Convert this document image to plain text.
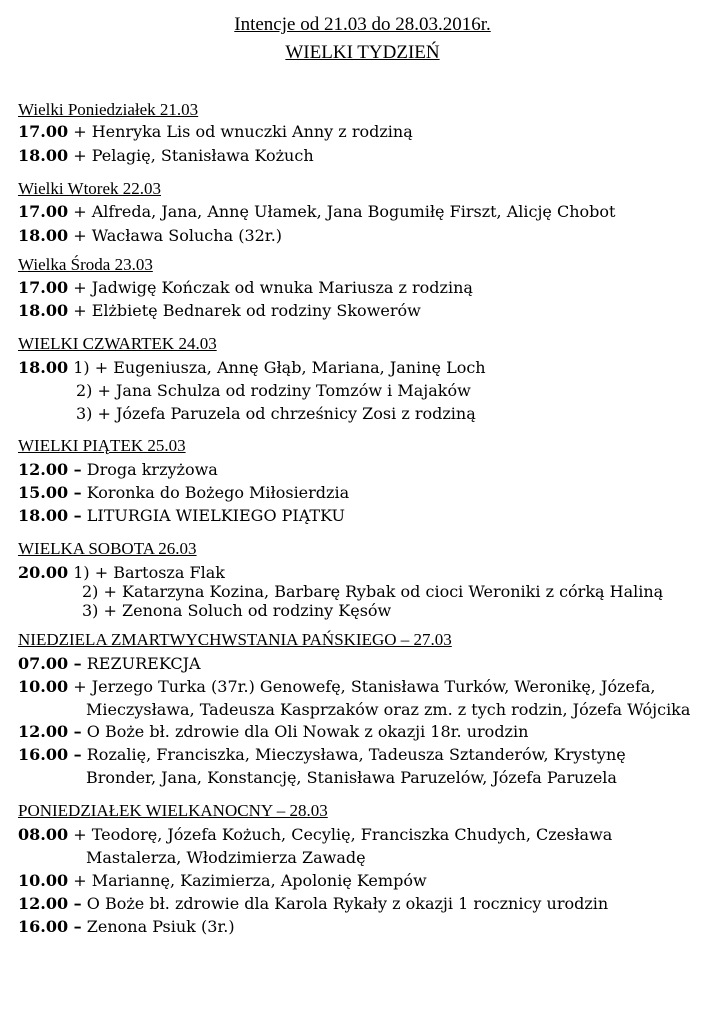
Intencje od 21.03 do 28.03.2016r.
WIELKI TYDZIEŃ
Wielki Poniedziałek 21.03
17.00 + Henryka Lis od wnuczki Anny z rodziną
18.00 + Pelagię, Stanisława Kożuch
Wielki Wtorek 22.03
17.00 + Alfreda, Jana, Annę Ułamek, Jana Bogumiłę Firszt, Alicję Chobot
18.00 + Wacława Solucha (32r.)
Wielka Środa 23.03
17.00 + Jadwigę Kończak od wnuka Mariusza z rodziną
18.00 + Elżbietę Bednarek od rodziny Skowerów
WIELKI CZWARTEK 24.03
18.00 1) + Eugeniusza, Annę Głąb, Mariana, Janinę Loch
2) + Jana Schulza od rodziny Tomzów i Majaków
3) + Józefa Paruzela od chrześnicy Zosi z rodziną
WIELKI PIĄTEK 25.03
12.00 – Droga krzyżowa
15.00 – Koronka do Bożego Miłosierdzia
18.00 – LITURGIA WIELKIEGO PIĄTKU
WIELKA SOBOTA 26.03
20.00 1) + Bartosza Flak
2) + Katarzyna Kozina, Barbarę Rybak od cioci Weroniki z córką Haliną
3) + Zenona Soluch od rodziny Kęsów
NIEDZIELA ZMARTWYCHWSTANIA PAŃSKIEGO – 27.03
07.00 – REZUREKCJA
10.00 + Jerzego Turka (37r.) Genowefę, Stanisława Turków, Weronikę, Józefa,
Mieczysława, Tadeusza Kasprzaków oraz zm. z tych rodzin, Józefa Wójcika
12.00 – O Boże bł. zdrowie dla Oli Nowak z okazji 18r. urodzin
16.00 – Rozalię, Franciszka, Mieczysława, Tadeusza Sztanderów, Krystynę
Bronder, Jana, Konstancję, Stanisława Paruzelów, Józefa Paruzela
PONIEDZIAŁEK WIELKANOCNY – 28.03
08.00 + Teodorę, Józefa Kożuch, Cecylię, Franciszka Chudych, Czesława
Mastalerza, Włodzimierza Zawadę
10.00 + Mariannę, Kazimierza, Apolonię Kempów
12.00 – O Boże bł. zdrowie dla Karola Rykały z okazji 1 rocznicy urodzin
16.00 – Zenona Psiuk (3r.)
